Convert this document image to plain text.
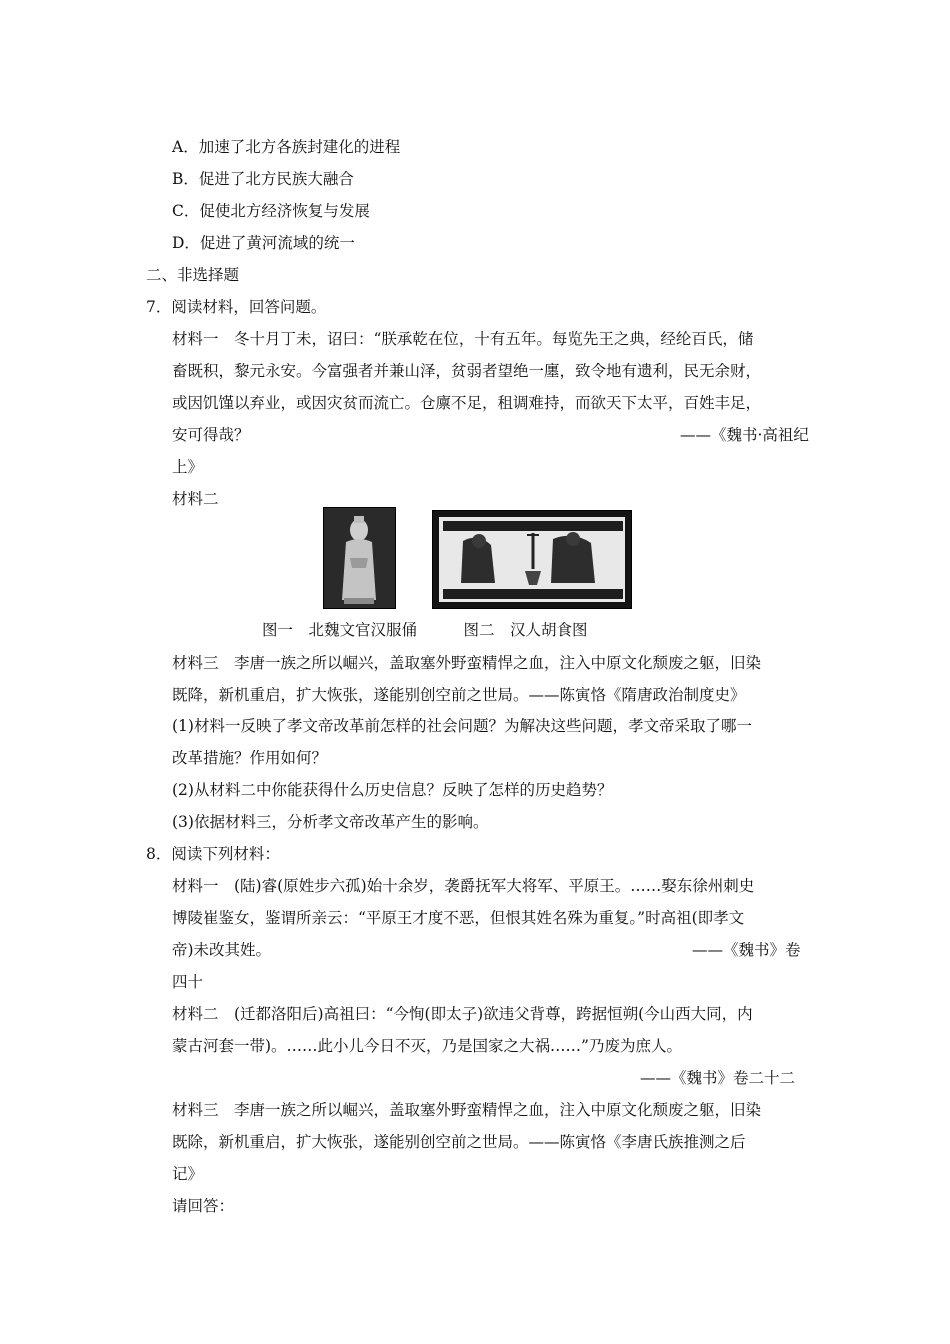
A．加速了北方各族封建化的进程
B．促进了北方民族大融合
C．促使北方经济恢复与发展
D．促进了黄河流域的统一
二、非选择题
7．阅读材料，回答问题。
材料一　冬十月丁未，诏曰：“朕承乾在位，十有五年。每览先王之典，经纶百氏，储
畜既积，黎元永安。今富强者并兼山泽，贫弱者望绝一廛，致令地有遗利，民无余财，
或因饥馑以弃业，或因灾贫而流亡。仓廪不足，租调难持，而欲天下太平，百姓丰足，
安可得哉？	——《魏书·高祖纪
上》
材料二
图一　北魏文官汉服俑　　　图二　汉人胡食图
材料三　李唐一族之所以崛兴，盖取塞外野蛮精悍之血，注入中原文化颓废之躯，旧染
既降，新机重启，扩大恢张，遂能别创空前之世局。——陈寅恪《隋唐政治制度史》
(1)材料一反映了孝文帝改革前怎样的社会问题？为解决这些问题，孝文帝采取了哪一
改革措施？作用如何？
(2)从材料二中你能获得什么历史信息？反映了怎样的历史趋势？
(3)依据材料三，分析孝文帝改革产生的影响。
8．阅读下列材料：
材料一　(陆)睿(原姓步六孤)始十余岁，袭爵抚军大将军、平原王。……娶东徐州刺史
博陵崔鉴女，鉴谓所亲云：“平原王才度不恶，但恨其姓名殊为重复。”时高祖(即孝文
帝)未改其姓。	——《魏书》卷
四十
材料二　(迁都洛阳后)高祖曰：“今恂(即太子)欲违父背尊，跨据恒朔(今山西大同，内
蒙古河套一带)。……此小儿今日不灭，乃是国家之大祸……”乃废为庶人。
——《魏书》卷二十二
材料三　李唐一族之所以崛兴，盖取塞外野蛮精悍之血，注入中原文化颓废之躯，旧染
既除，新机重启，扩大恢张，遂能别创空前之世局。——陈寅恪《李唐氏族推测之后
记》
请回答：
